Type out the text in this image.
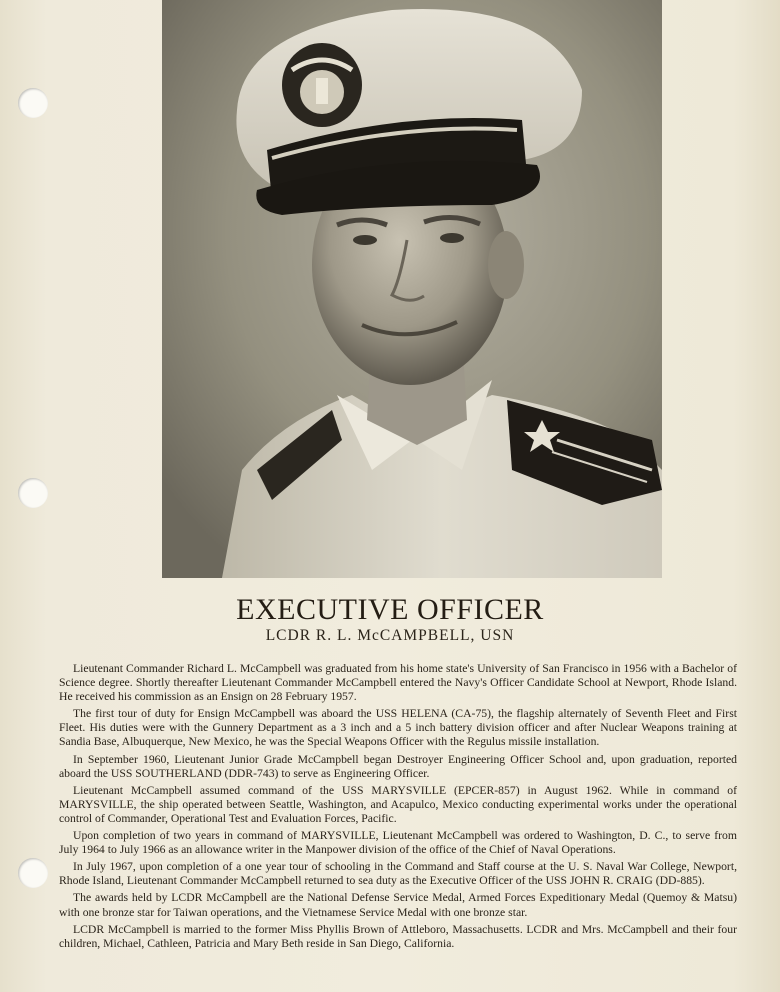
EXECUTIVE OFFICER
LCDR R. L. McCAMPBELL, USN

Lieutenant Commander Richard L. McCampbell was graduated from his home state's University of San Francisco in 1956 with a Bachelor of Science degree. Shortly thereafter Lieutenant Commander McCampbell entered the Navy's Officer Candidate School at Newport, Rhode Island. He received his commission as an Ensign on 28 February 1957.

The first tour of duty for Ensign McCampbell was aboard the USS HELENA (CA-75), the flagship alternately of Seventh Fleet and First Fleet. His duties were with the Gunnery Department as a 3 inch and a 5 inch battery division officer and after Nuclear Weapons training at Sandia Base, Albuquerque, New Mexico, he was the Special Weapons Officer with the Regulus missile installation.

In September 1960, Lieutenant Junior Grade McCampbell began Destroyer Engineering Officer School and, upon graduation, reported aboard the USS SOUTHERLAND (DDR-743) to serve as Engineering Officer.

Lieutenant McCampbell assumed command of the USS MARYSVILLE (EPCER-857) in August 1962. While in command of MARYSVILLE, the ship operated between Seattle, Washington, and Acapulco, Mexico conducting experimental works under the operational control of Commander, Operational Test and Evaluation Forces, Pacific.

Upon completion of two years in command of MARYSVILLE, Lieutenant McCampbell was ordered to Washington, D. C., to serve from July 1964 to July 1966 as an allowance writer in the Manpower division of the office of the Chief of Naval Operations.

In July 1967, upon completion of a one year tour of schooling in the Command and Staff course at the U. S. Naval War College, Newport, Rhode Island, Lieutenant Commander McCampbell returned to sea duty as the Executive Officer of the USS JOHN R. CRAIG (DD-885).

The awards held by LCDR McCampbell are the National Defense Service Medal, Armed Forces Expeditionary Medal (Quemoy & Matsu) with one bronze star for Taiwan operations, and the Vietnamese Service Medal with one bronze star.

LCDR McCampbell is married to the former Miss Phyllis Brown of Attleboro, Massachusetts. LCDR and Mrs. McCampbell and their four children, Michael, Cathleen, Patricia and Mary Beth reside in San Diego, California.
